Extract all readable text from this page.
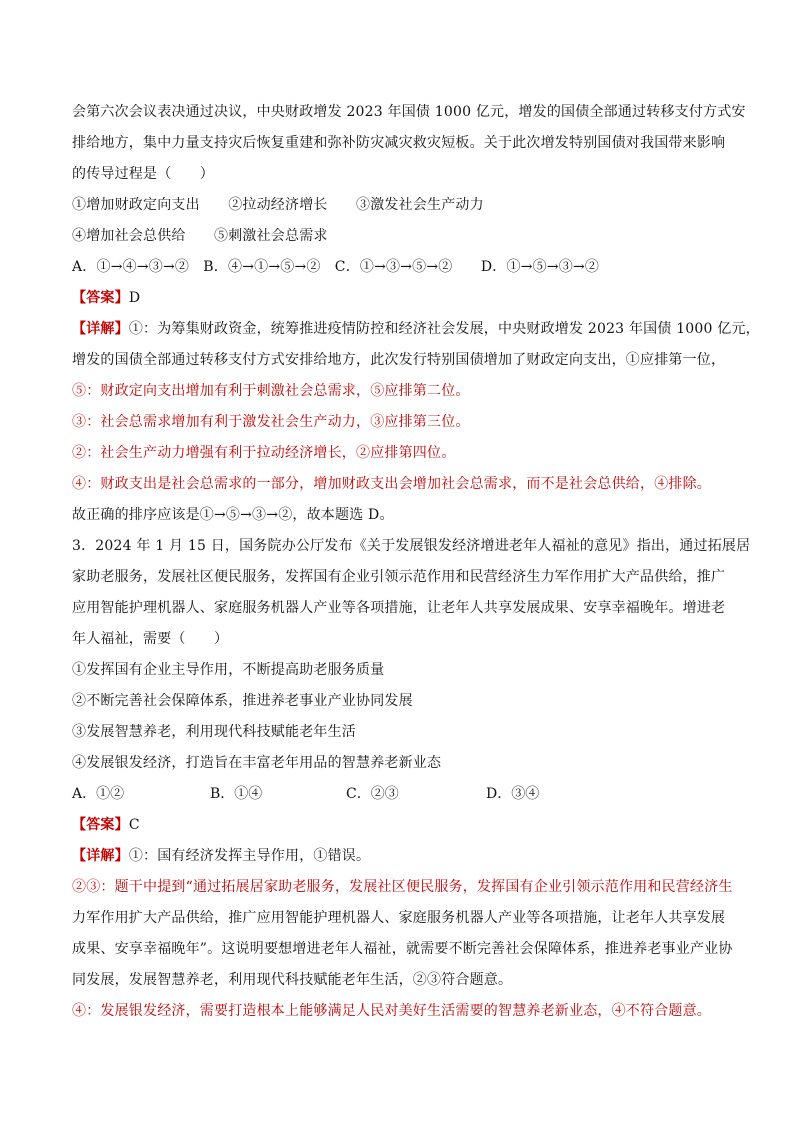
会第六次会议表决通过决议，中央财政增发 2023 年国债 1000 亿元，增发的国债全部通过转移支付方式安
排给地方，集中力量支持灾后恢复重建和弥补防灾减灾救灾短板。关于此次增发特别国债对我国带来影响
的传导过程是（　　）
①增加财政定向支出　　②拉动经济增长　　③激发社会生产动力
④增加社会总供给　　⑤刺激社会总需求
A．①→④→③→②　B．④→①→⑤→②　C．①→③→⑤→②　　D．①→⑤→③→②
【答案】D
【详解】①：为筹集财政资金，统筹推进疫情防控和经济社会发展，中央财政增发 2023 年国债 1000 亿元，
增发的国债全部通过转移支付方式安排给地方，此次发行特别国债增加了财政定向支出，①应排第一位，
⑤：财政定向支出增加有利于刺激社会总需求，⑤应排第二位。
③：社会总需求增加有利于激发社会生产动力，③应排第三位。
②：社会生产动力增强有利于拉动经济增长，②应排第四位。
④：财政支出是社会总需求的一部分，增加财政支出会增加社会总需求，而不是社会总供给，④排除。
故正确的排序应该是①→⑤→③→②，故本题选 D。
3．2024 年 1 月 15 日，国务院办公厅发布《关于发展银发经济增进老年人福祉的意见》指出，通过拓展居
家助老服务，发展社区便民服务，发挥国有企业引领示范作用和民营经济生力军作用扩大产品供给，推广
应用智能护理机器人、家庭服务机器人产业等各项措施，让老年人共享发展成果、安享幸福晚年。增进老
年人福祉，需要（　　）
①发挥国有企业主导作用，不断提高助老服务质量
②不断完善社会保障体系，推进养老事业产业协同发展
③发展智慧养老，利用现代科技赋能老年生活
④发展银发经济，打造旨在丰富老年用品的智慧养老新业态
A．①②	B．①④	C．②③	D．③④
【答案】C
【详解】①：国有经济发挥主导作用，①错误。
②③：题干中提到“通过拓展居家助老服务，发展社区便民服务，发挥国有企业引领示范作用和民营经济生
力军作用扩大产品供给，推广应用智能护理机器人、家庭服务机器人产业等各项措施，让老年人共享发展
成果、安享幸福晚年”。这说明要想增进老年人福祉，就需要不断完善社会保障体系，推进养老事业产业协
同发展，发展智慧养老，利用现代科技赋能老年生活，②③符合题意。
④：发展银发经济，需要打造根本上能够满足人民对美好生活需要的智慧养老新业态，④不符合题意。
